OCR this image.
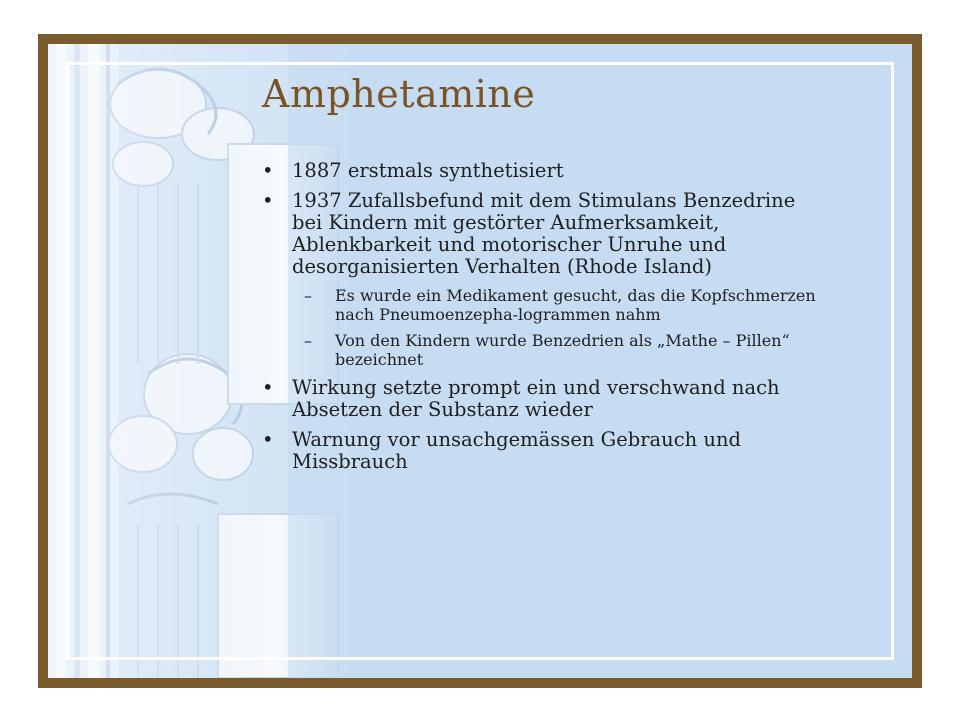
Amphetamine
• 1887 erstmals synthetisiert
• 1937 Zufallsbefund mit dem Stimulans Benzedrine bei Kindern mit gestörter Aufmerksamkeit, Ablenkbarkeit und motorischer Unruhe und desorganisierten Verhalten (Rhode Island)
– Es wurde ein Medikament gesucht, das die Kopfschmerzen nach Pneumoenzepha-logrammen nahm
– Von den Kindern wurde Benzedrien als „Mathe – Pillen“ bezeichnet
• Wirkung setzte prompt ein und verschwand nach Absetzen der Substanz wieder
• Warnung vor unsachgemässen Gebrauch und Missbrauch
